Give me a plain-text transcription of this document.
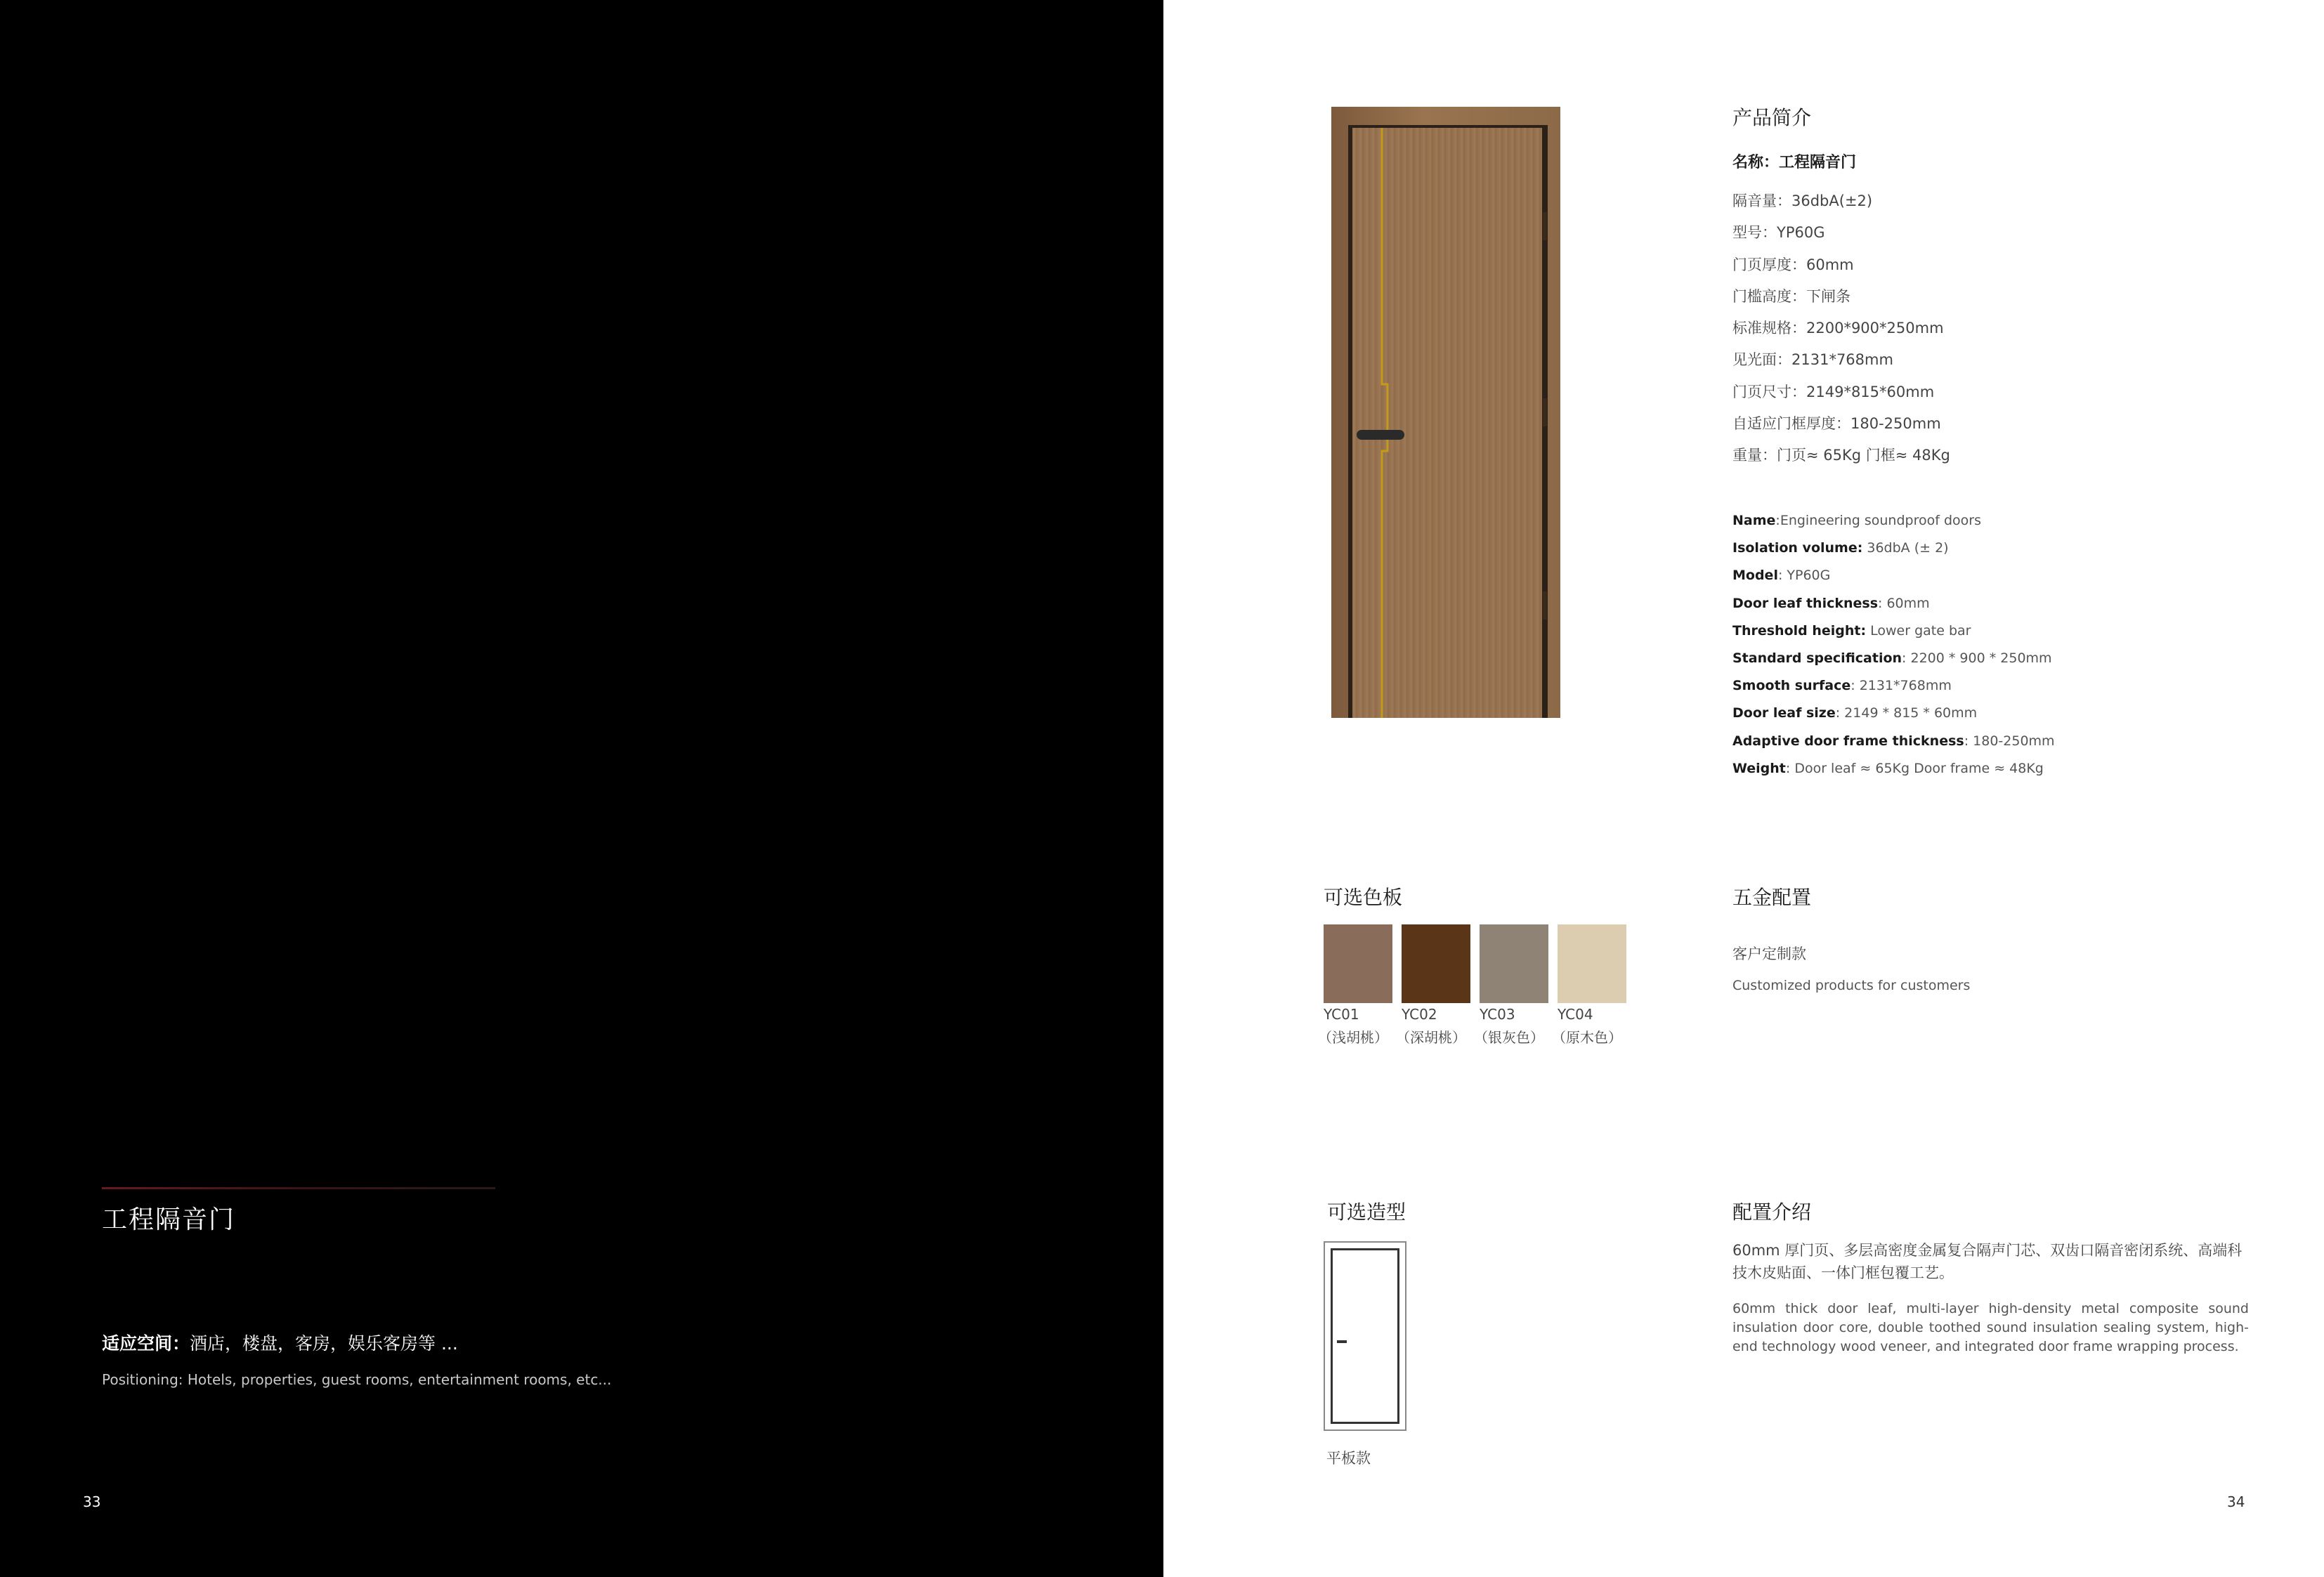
工程隔音门
适应空间：酒店，楼盘，客房，娱乐客房等 ...
Positioning: Hotels, properties, guest rooms, entertainment rooms, etc...
33
产品简介
名称：工程隔音门
隔音量：36dbA(±2)
型号：YP60G
门页厚度：60mm
门槛高度：下闸条
标准规格：2200*900*250mm
见光面：2131*768mm
门页尺寸：2149*815*60mm
自适应门框厚度：180-250mm
重量：门页≈ 65Kg 门框≈ 48Kg
Name:Engineering soundproof doors
Isolation volume: 36dbA (± 2)
Model: YP60G
Door leaf thickness: 60mm
Threshold height: Lower gate bar
Standard specification: 2200 * 900 * 250mm
Smooth surface: 2131*768mm
Door leaf size: 2149 * 815 * 60mm
Adaptive door frame thickness: 180-250mm
Weight: Door leaf ≈ 65Kg Door frame ≈ 48Kg
可选色板
YC01
（浅胡桃）
YC02
（深胡桃）
YC03
（银灰色）
YC04
（原木色）
五金配置
客户定制款
Customized products for customers
可选造型
平板款
配置介绍
60mm 厚门页、多层高密度金属复合隔声门芯、双齿口隔音密闭系统、高端科技木皮贴面、一体门框包覆工艺。
60mm thick door leaf, multi-layer high-density metal composite sound insulation door core, double toothed sound insulation sealing system, high-end technology wood veneer, and integrated door frame wrapping process.
34
